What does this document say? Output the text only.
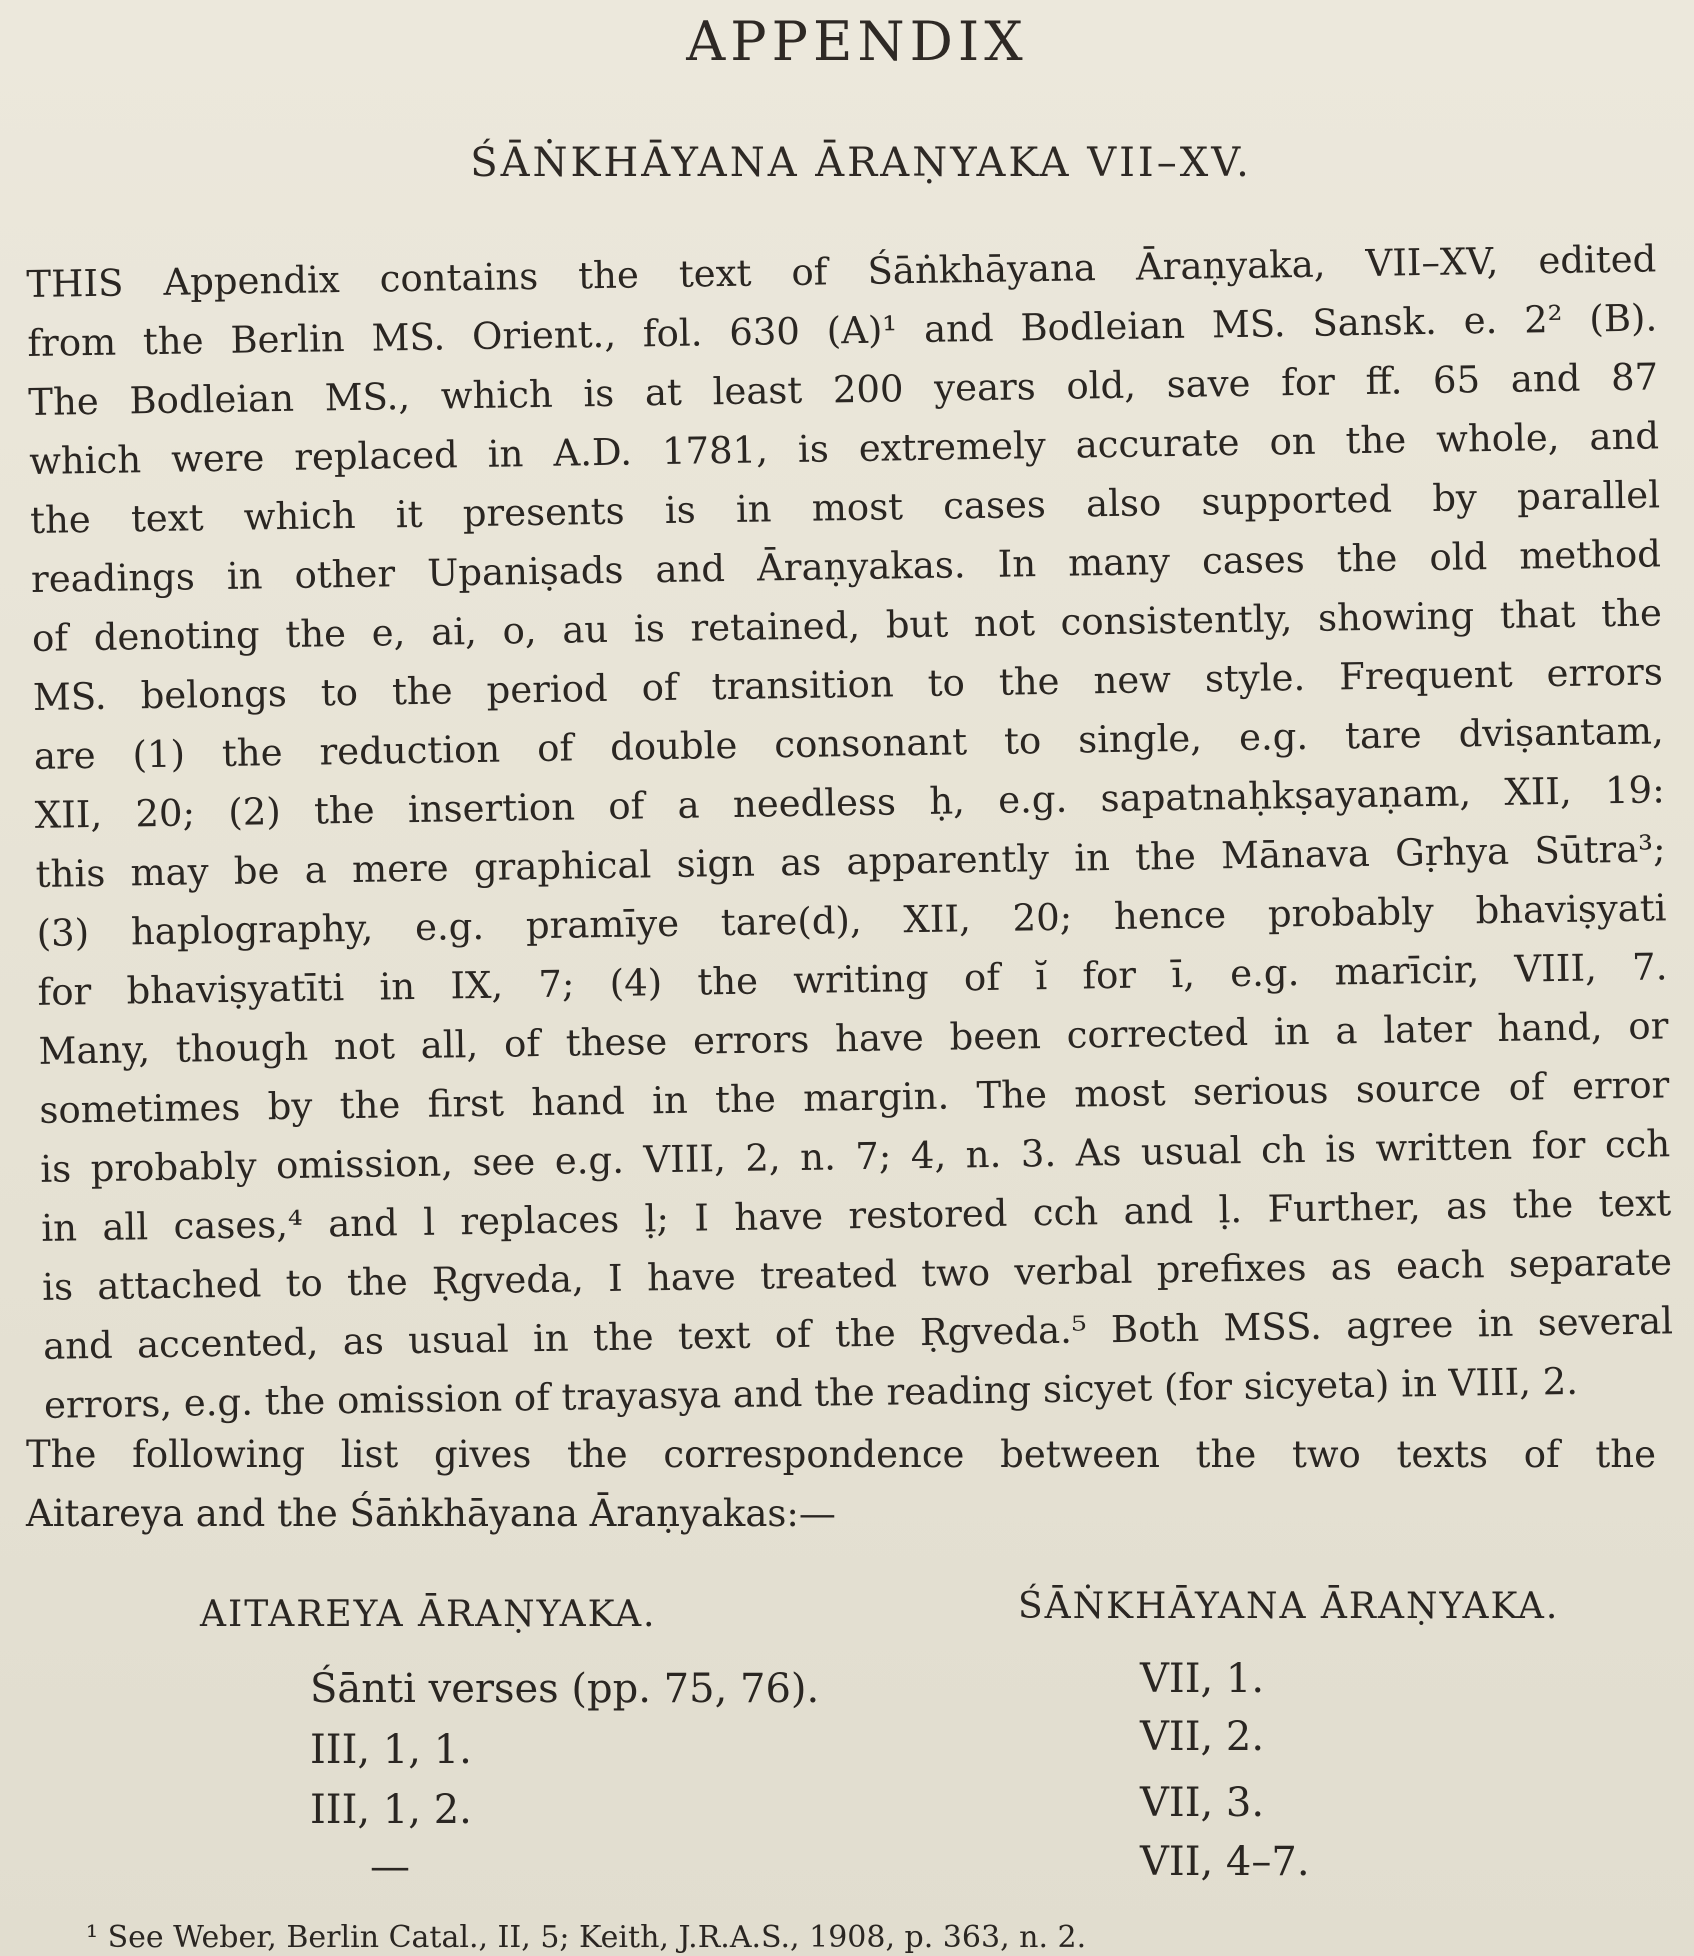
APPENDIX
ŚĀṄKHĀYANA ĀRAṆYAKA VII–XV.
THIS Appendix contains the text of Śāṅkhāyana Āraṇyaka, VII–XV, edited
from the Berlin MS. Orient., fol. 630 (A)¹ and Bodleian MS. Sansk. e. 2² (B).
The Bodleian MS., which is at least 200 years old, save for ff. 65 and 87
which were replaced in A.D. 1781, is extremely accurate on the whole, and
the text which it presents is in most cases also supported by parallel
readings in other Upaniṣads and Āraṇyakas. In many cases the old method
of denoting the e, ai, o, au is retained, but not consistently, showing that the
MS. belongs to the period of transition to the new style. Frequent errors
are (1) the reduction of double consonant to single, e.g. tare dviṣantam,
XII, 20; (2) the insertion of a needless ḥ, e.g. sapatnaḥkṣayaṇam, XII, 19:
this may be a mere graphical sign as apparently in the Mānava Gṛhya Sūtra³;
(3) haplography, e.g. pramīye tare(d), XII, 20; hence probably bhaviṣyati
for bhaviṣyatīti in IX, 7; (4) the writing of ĭ for ī, e.g. marīcir, VIII, 7.
Many, though not all, of these errors have been corrected in a later hand, or
sometimes by the first hand in the margin. The most serious source of error
is probably omission, see e.g. VIII, 2, n. 7; 4, n. 3. As usual ch is written for cch
in all cases,⁴ and l replaces ḷ; I have restored cch and ḷ. Further, as the text
is attached to the Ṛgveda, I have treated two verbal prefixes as each separate
and accented, as usual in the text of the Ṛgveda.⁵ Both MSS. agree in several
errors, e.g. the omission of trayasya and the reading sicyet (for sicyeta) in VIII, 2.
The following list gives the correspondence between the two texts of the
Aitareya and the Śāṅkhāyana Āraṇyakas:—
AITAREYA ĀRAṆYAKA.	ŚĀṄKHĀYANA ĀRAṆYAKA.
Śānti verses (pp. 75, 76).
III, 1, 1.
III, 1, 2.
—
VII, 1.
VII, 2.
VII, 3.
VII, 4–7.
¹ See Weber, Berlin Catal., II, 5; Keith, J.R.A.S., 1908, p. 363, n. 2.
